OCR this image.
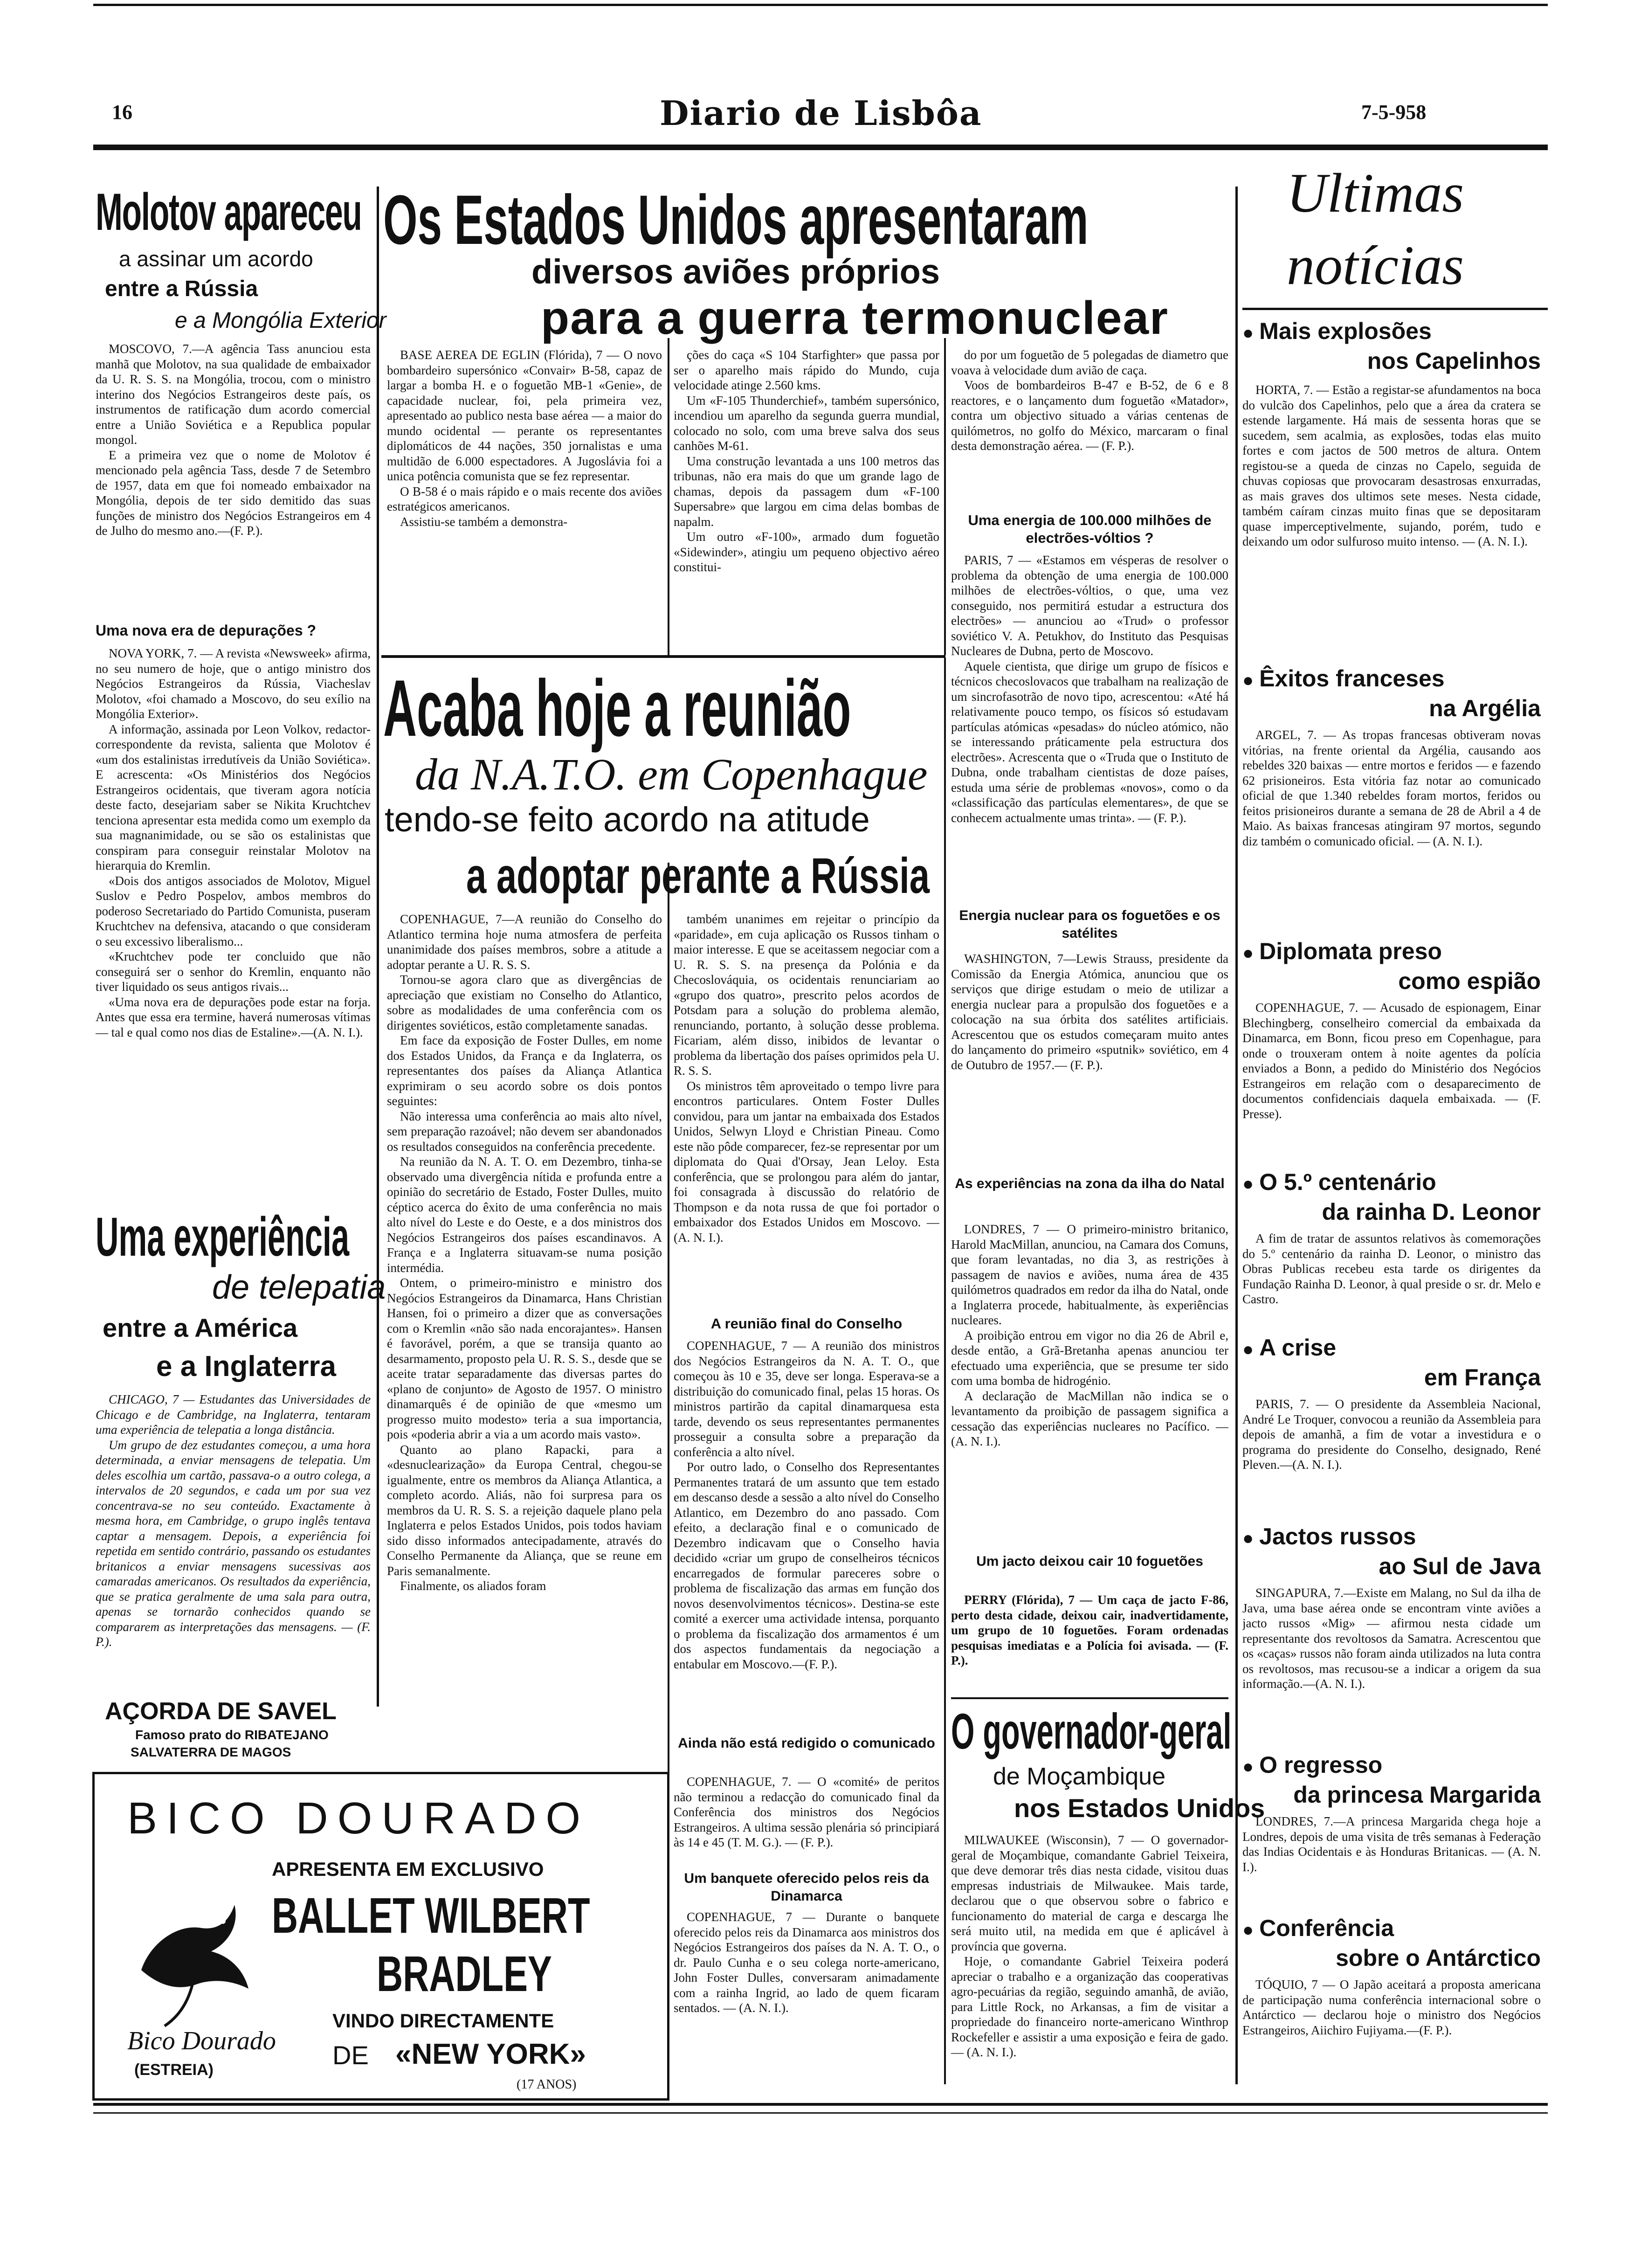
16	Diario de Lisbôa	7-5-958
Molotov apareceu
a assinar um acordo
entre a Rússia
e a Mongólia Exterior

MOSCOVO, 7.—A agência Tass anunciou esta manhã que Molotov, na sua qualidade de embaixador da U. R. S. S. na Mongólia, trocou, com o ministro interino dos Negócios Estrangeiros deste país, os instrumentos de ratificação dum acordo comercial entre a União Soviética e a Republica popular mongol.

E a primeira vez que o nome de Molotov é mencionado pela agência Tass, desde 7 de Setembro de 1957, data em que foi nomeado embaixador na Mongólia, depois de ter sido demitido das suas funções de ministro dos Negócios Estrangeiros em 4 de Julho do mesmo ano.—(F. P.).

Uma nova era de depurações ?

NOVA YORK, 7. — A revista «Newsweek» afirma, no seu numero de hoje, que o antigo ministro dos Negócios Estrangeiros da Rússia, Viacheslav Molotov, «foi chamado a Moscovo, do seu exílio na Mongólia Exterior».

A informação, assinada por Leon Volkov, redactor-correspondente da revista, salienta que Molotov é «um dos estalinistas irredutíveis da União Soviética». E acrescenta: «Os Ministérios dos Negócios Estrangeiros ocidentais, que tiveram agora notícia deste facto, desejariam saber se Nikita Kruchtchev tenciona apresentar esta medida como um exemplo da sua magnanimidade, ou se são os estalinistas que conspiram para conseguir reinstalar Molotov na hierarquia do Kremlin.

«Dois dos antigos associados de Molotov, Miguel Suslov e Pedro Pospelov, ambos membros do poderoso Secretariado do Partido Comunista, puseram Kruchtchev na defensiva, atacando o que consideram o seu excessivo liberalismo...

«Kruchtchev pode ter concluido que não conseguirá ser o senhor do Kremlin, enquanto não tiver liquidado os seus antigos rivais...

«Uma nova era de depurações pode estar na forja. Antes que essa era termine, haverá numerosas vítimas — tal e qual como nos dias de Estaline».—(A. N. I.).

Uma experiência
de telepatia
entre a América
e a Inglaterra

CHICAGO, 7 — Estudantes das Universidades de Chicago e de Cambridge, na Inglaterra, tentaram uma experiência de telepatia a longa distância.

Um grupo de dez estudantes começou, a uma hora determinada, a enviar mensagens de telepatia. Um deles escolhia um cartão, passava-o a outro colega, a intervalos de 20 segundos, e cada um por sua vez concentrava-se no seu conteúdo. Exactamente à mesma hora, em Cambridge, o grupo inglês tentava captar a mensagem. Depois, a experiência foi repetida em sentido contrário, passando os estudantes britanicos a enviar mensagens sucessivas aos camaradas americanos. Os resultados da experiência, que se pratica geralmente de uma sala para outra, apenas se tornarão conhecidos quando se compararem as interpretações das mensagens. — (F. P.).

AÇORDA DE SAVEL
Famoso prato do RIBATEJANO
SALVATERRA DE MAGOS
BICO DOURADO
APRESENTA EM EXCLUSIVO
BALLET WILBERT
BRADLEY
VINDO DIRECTAMENTE
DE «NEW YORK»
(17 ANOS)
(ESTREIA)
Bico Dourado
Os Estados Unidos apresentaram
diversos aviões próprios
para a guerra termonuclear

BASE AEREA DE EGLIN (Flórida), 7 — O novo bombardeiro supersónico «Convair» B-58, capaz de largar a bomba H. e o foguetão MB-1 «Genie», de capacidade nuclear, foi, pela primeira vez, apresentado ao publico nesta base aérea — a maior do mundo ocidental — perante os representantes diplomáticos de 44 nações, 350 jornalistas e uma multidão de 6.000 espectadores. A Jugoslávia foi a unica potência comunista que se fez representar.

O B-58 é o mais rápido e o mais recente dos aviões estratégicos americanos.

Assistiu-se também a demonstra-

ções do caça «S 104 Starfighter» que passa por ser o aparelho mais rápido do Mundo, cuja velocidade atinge 2.560 kms.

Um «F-105 Thunderchief», também supersónico, incendiou um aparelho da segunda guerra mundial, colocado no solo, com uma breve salva dos seus canhões M-61.

Uma construção levantada a uns 100 metros das tribunas, não era mais do que um grande lago de chamas, depois da passagem dum «F-100 Supersabre» que largou em cima delas bombas de napalm.

Um outro «F-100», armado dum foguetão «Sidewinder», atingiu um pequeno objectivo aéreo constitui-

do por um foguetão de 5 polegadas de diametro que voava à velocidade dum avião de caça.

Voos de bombardeiros B-47 e B-52, de 6 e 8 reactores, e o lançamento dum foguetão «Matador», contra um objectivo situado a várias centenas de quilómetros, no golfo do México, marcaram o final desta demonstração aérea. — (F. P.).

Uma energia de 100.000 milhões de electrões-vóltios ?

PARIS, 7 — «Estamos em vésperas de resolver o problema da obtenção de uma energia de 100.000 milhões de electrões-vóltios, o que, uma vez conseguido, nos permitirá estudar a estructura dos electrões» — anunciou ao «Trud» o professor soviético V. A. Petukhov, do Instituto das Pesquisas Nucleares de Dubna, perto de Moscovo.

Aquele cientista, que dirige um grupo de físicos e técnicos checoslovacos que trabalham na realização de um sincrofasotrão de novo tipo, acrescentou: «Até há relativamente pouco tempo, os físicos só estudavam partículas atómicas «pesadas» do núcleo atómico, não se interessando práticamente pela estructura dos electrões». Acrescenta que o «Truda que o Instituto de Dubna, onde trabalham cientistas de doze países, estuda uma série de problemas «novos», como o da «classificação das partículas elementares», de que se conhecem actualmente umas trinta». — (F. P.).

Energia nuclear para os foguetões e os satélites

WASHINGTON, 7—Lewis Strauss, presidente da Comissão da Energia Atómica, anunciou que os serviços que dirige estudam o meio de utilizar a energia nuclear para a propulsão dos foguetões e a colocação na sua órbita dos satélites artificiais. Acrescentou que os estudos começaram muito antes do lançamento do primeiro «sputnik» soviético, em 4 de Outubro de 1957.— (F. P.).

As experiências na zona da ilha do Natal

LONDRES, 7 — O primeiro-ministro britanico, Harold MacMillan, anunciou, na Camara dos Comuns, que foram levantadas, no dia 3, as restrições à passagem de navios e aviões, numa área de 435 quilómetros quadrados em redor da ilha do Natal, onde a Inglaterra procede, habitualmente, às experiências nucleares.

A proibição entrou em vigor no dia 26 de Abril e, desde então, a Grã-Bretanha apenas anunciou ter efectuado uma experiência, que se presume ter sido com uma bomba de hidrogénio.

A declaração de MacMillan não indica se o levantamento da proibição de passagem significa a cessação das experiências nucleares no Pacífico. — (A. N. I.).

Um jacto deixou cair 10 foguetões

PERRY (Flórida), 7 — Um caça de jacto F-86, perto desta cidade, deixou cair, inadvertidamente, um grupo de 10 foguetões. Foram ordenadas pesquisas imediatas e a Polícia foi avisada. — (F. P.).

O governador-geral
de Moçambique
nos Estados Unidos

MILWAUKEE (Wisconsin), 7 — O governador-geral de Moçambique, comandante Gabriel Teixeira, que deve demorar três dias nesta cidade, visitou duas empresas industriais de Milwaukee. Mais tarde, declarou que o que observou sobre o fabrico e funcionamento do material de carga e descarga lhe será muito util, na medida em que é aplicável à província que governa.

Hoje, o comandante Gabriel Teixeira poderá apreciar o trabalho e a organização das cooperativas agro-pecuárias da região, seguindo amanhã, de avião, para Little Rock, no Arkansas, a fim de visitar a propriedade do financeiro norte-americano Winthrop Rockefeller e assistir a uma exposição e feira de gado. — (A. N. I.).

Acaba hoje a reunião
da N.A.T.O. em Copenhague
tendo-se feito acordo na atitude
a adoptar perante a Rússia

COPENHAGUE, 7—A reunião do Conselho do Atlantico termina hoje numa atmosfera de perfeita unanimidade dos países membros, sobre a atitude a adoptar perante a U. R. S. S.

Tornou-se agora claro que as divergências de apreciação que existiam no Conselho do Atlantico, sobre as modalidades de uma conferência com os dirigentes soviéticos, estão completamente sanadas.

Em face da exposição de Foster Dulles, em nome dos Estados Unidos, da França e da Inglaterra, os representantes dos países da Aliança Atlantica exprimiram o seu acordo sobre os dois pontos seguintes:

Não interessa uma conferência ao mais alto nível, sem preparação razoável; não devem ser abandonados os resultados conseguidos na conferência precedente.

Na reunião da N. A. T. O. em Dezembro, tinha-se observado uma divergência nítida e profunda entre a opinião do secretário de Estado, Foster Dulles, muito céptico acerca do êxito de uma conferência no mais alto nível do Leste e do Oeste, e a dos ministros dos Negócios Estrangeiros dos países escandinavos. A França e a Inglaterra situavam-se numa posição intermédia.

Ontem, o primeiro-ministro e ministro dos Negócios Estrangeiros da Dinamarca, Hans Christian Hansen, foi o primeiro a dizer que as conversações com o Kremlin «não são nada encorajantes». Hansen é favorável, porém, a que se transija quanto ao desarmamento, proposto pela U. R. S. S., desde que se aceite tratar separadamente das diversas partes do «plano de conjunto» de Agosto de 1957. O ministro dinamarquês é de opinião de que «mesmo um progresso muito modesto» teria a sua importancia, pois «poderia abrir a via a um acordo mais vasto».

Quanto ao plano Rapacki, para a «desnuclearização» da Europa Central, chegou-se igualmente, entre os membros da Aliança Atlantica, a completo acordo. Aliás, não foi surpresa para os membros da U. R. S. S. a rejeição daquele plano pela Inglaterra e pelos Estados Unidos, pois todos haviam sido disso informados antecipadamente, através do Conselho Permanente da Aliança, que se reune em Paris semanalmente.

Finalmente, os aliados foram

também unanimes em rejeitar o princípio da «paridade», em cuja aplicação os Russos tinham o maior interesse. E que se aceitassem negociar com a U. R. S. S. na presença da Polónia e da Checoslováquia, os ocidentais renunciariam ao «grupo dos quatro», prescrito pelos acordos de Potsdam para a solução do problema alemão, renunciando, portanto, à solução desse problema. Ficariam, além disso, inibidos de levantar o problema da libertação dos países oprimidos pela U. R. S. S.

Os ministros têm aproveitado o tempo livre para encontros particulares. Ontem Foster Dulles convidou, para um jantar na embaixada dos Estados Unidos, Selwyn Lloyd e Christian Pineau. Como este não pôde comparecer, fez-se representar por um diplomata do Quai d'Orsay, Jean Leloy. Esta conferência, que se prolongou para além do jantar, foi consagrada à discussão do relatório de Thompson e da nota russa de que foi portador o embaixador dos Estados Unidos em Moscovo. — (A. N. I.).

A reunião final do Conselho

COPENHAGUE, 7 — A reunião dos ministros dos Negócios Estrangeiros da N. A. T. O., que começou às 10 e 35, deve ser longa. Esperava-se a distribuição do comunicado final, pelas 15 horas. Os ministros partirão da capital dinamarquesa esta tarde, devendo os seus representantes permanentes prosseguir a consulta sobre a preparação da conferência a alto nível.

Por outro lado, o Conselho dos Representantes Permanentes tratará de um assunto que tem estado em descanso desde a sessão a alto nível do Conselho Atlantico, em Dezembro do ano passado. Com efeito, a declaração final e o comunicado de Dezembro indicavam que o Conselho havia decidido «criar um grupo de conselheiros técnicos encarregados de formular pareceres sobre o problema de fiscalização das armas em função dos novos desenvolvimentos técnicos». Destina-se este comité a exercer uma actividade intensa, porquanto o problema da fiscalização dos armamentos é um dos aspectos fundamentais da negociação a entabular em Moscovo.—(F. P.).

Ainda não está redigido o comunicado

COPENHAGUE, 7. — O «comité» de peritos não terminou a redacção do comunicado final da Conferência dos ministros dos Negócios Estrangeiros. A ultima sessão plenária só principiará às 14 e 45 (T. M. G.). — (F. P.).

Um banquete oferecido pelos reis da Dinamarca

COPENHAGUE, 7 — Durante o banquete oferecido pelos reis da Dinamarca aos ministros dos Negócios Estrangeiros dos países da N. A. T. O., o dr. Paulo Cunha e o seu colega norte-americano, John Foster Dulles, conversaram animadamente com a rainha Ingrid, ao lado de quem ficaram sentados. — (A. N. I.).

Ultimas
notícias
● Mais explosões
nos Capelinhos

HORTA, 7. — Estão a registar-se afundamentos na boca do vulcão dos Capelinhos, pelo que a área da cratera se estende largamente. Há mais de sessenta horas que se sucedem, sem acalmia, as explosões, todas elas muito fortes e com jactos de 500 metros de altura. Ontem registou-se a queda de cinzas no Capelo, seguida de chuvas copiosas que provocaram desastrosas enxurradas, as mais graves dos ultimos sete meses. Nesta cidade, também caíram cinzas muito finas que se depositaram quase imperceptivelmente, sujando, porém, tudo e deixando um odor sulfuroso muito intenso. — (A. N. I.).

● Êxitos franceses
na Argélia

ARGEL, 7. — As tropas francesas obtiveram novas vitórias, na frente oriental da Argélia, causando aos rebeldes 320 baixas — entre mortos e feridos — e fazendo 62 prisioneiros. Esta vitória faz notar ao comunicado oficial de que 1.340 rebeldes foram mortos, feridos ou feitos prisioneiros durante a semana de 28 de Abril a 4 de Maio. As baixas francesas atingiram 97 mortos, segundo diz também o comunicado oficial. — (A. N. I.).

● Diplomata preso
como espião

COPENHAGUE, 7. — Acusado de espionagem, Einar Blechingberg, conselheiro comercial da embaixada da Dinamarca, em Bonn, ficou preso em Copenhague, para onde o trouxeram ontem à noite agentes da polícia enviados a Bonn, a pedido do Ministério dos Negócios Estrangeiros em relação com o desaparecimento de documentos confidenciais daquela embaixada. — (F. Presse).

● O 5.º centenário
da rainha D. Leonor

A fim de tratar de assuntos relativos às comemorações do 5.º centenário da rainha D. Leonor, o ministro das Obras Publicas recebeu esta tarde os dirigentes da Fundação Rainha D. Leonor, à qual preside o sr. dr. Melo e Castro.

● A crise
em França

PARIS, 7. — O presidente da Assembleia Nacional, André Le Troquer, convocou a reunião da Assembleia para depois de amanhã, a fim de votar a investidura e o programa do presidente do Conselho, designado, René Pleven.—(A. N. I.).

● Jactos russos
ao Sul de Java

SINGAPURA, 7.—Existe em Malang, no Sul da ilha de Java, uma base aérea onde se encontram vinte aviões a jacto russos «Mig» — afirmou nesta cidade um representante dos revoltosos da Samatra. Acrescentou que os «caças» russos não foram ainda utilizados na luta contra os revoltosos, mas recusou-se a indicar a origem da sua informação.—(A. N. I.).

● O regresso
da princesa Margarida

LONDRES, 7.—A princesa Margarida chega hoje a Londres, depois de uma visita de três semanas à Federação das Indias Ocidentais e às Honduras Britanicas. — (A. N. I.).

● Conferência
sobre o Antárctico

TÓQUIO, 7 — O Japão aceitará a proposta americana de participação numa conferência internacional sobre o Antárctico — declarou hoje o ministro dos Negócios Estrangeiros, Aiichiro Fujiyama.—(F. P.).
